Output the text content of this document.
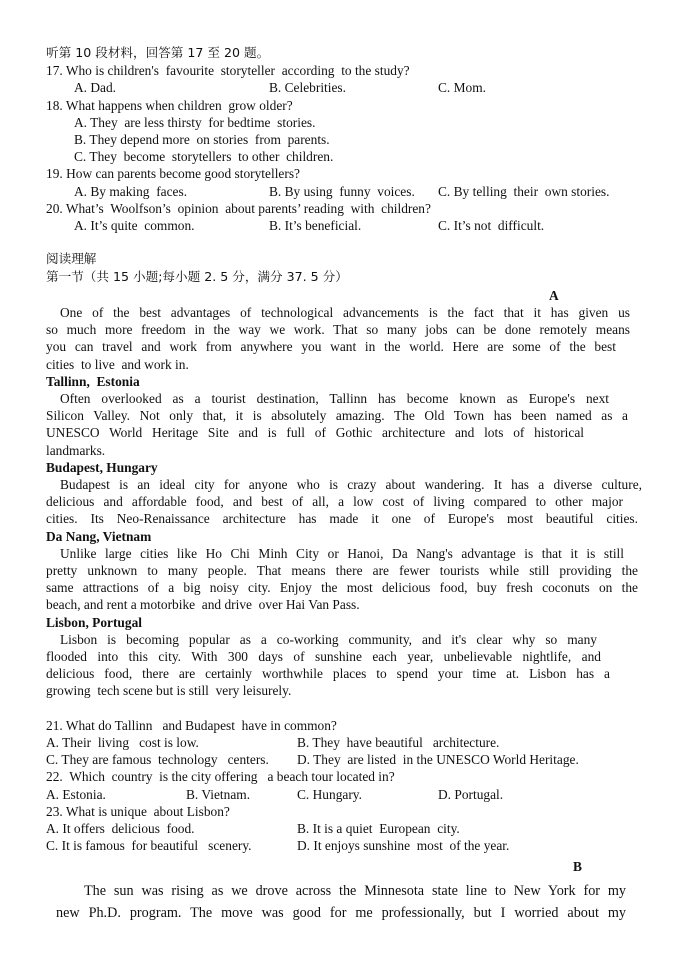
听第 10 段材料，回答第 17 至 20 题。
17. Who is children's  favourite  storyteller  according  to the study?
A. Dad.	B. Celebrities.	C. Mom.
18. What happens when children  grow older?
A. They  are less thirsty  for bedtime  stories.
B. They depend more  on stories  from  parents.
C. They  become  storytellers  to other  children.
19. How can parents become good storytellers?
A. By making  faces.	B. By using  funny  voices. C. By telling  their  own stories.
20. What’s  Woolfson’s  opinion  about parents’ reading  with  children?
A. It’s quite  common.	B. It’s beneficial.	C. It’s not  difficult.
阅读理解
第一节（共 15 小题;每小题 2. 5 分，满分 37. 5 分）
A
One of the best advantages of technological advancements is the fact that it has given us
so much more freedom in the way we work. That so many jobs can be done remotely means
you can travel and work from anywhere you want in the world. Here are some of the best
cities  to live  and work in.
Tallinn,  Estonia
Often overlooked as a tourist destination, Tallinn has become known as Europe's next
Silicon Valley. Not only that, it is absolutely amazing. The Old Town has been named as a
UNESCO World Heritage Site and is full of Gothic architecture and lots of historical
landmarks.
Budapest, Hungary
Budapest is an ideal city for anyone who is crazy about wandering. It has a diverse culture,
delicious and affordable food, and best of all, a low cost of living compared to other major
cities. Its Neo-Renaissance architecture has made it one of Europe's most beautiful cities.
Da Nang, Vietnam
Unlike large cities like Ho Chi Minh City or Hanoi, Da Nang's advantage is that it is still
pretty unknown to many people. That means there are fewer tourists while still providing the
same attractions of a big noisy city. Enjoy the most delicious food, buy fresh coconuts on the
beach, and rent a motorbike  and drive  over Hai Van Pass.
Lisbon, Portugal
Lisbon is becoming popular as a co-working community, and it's clear why so many
flooded into this city. With 300 days of sunshine each year, unbelievable nightlife, and
delicious food, there are certainly worthwhile places to spend your time at. Lisbon has a
growing  tech scene but is still  very leisurely.
21. What do Tallinn   and Budapest  have in common?
A. Their  living   cost is low.	B. They  have beautiful   architecture.
C. They are famous  technology   centers. D. They  are listed  in the UNESCO World Heritage.
22.  Which  country  is the city offering   a beach tour located in?
A. Estonia.	B. Vietnam.	C. Hungary.	D. Portugal.
23. What is unique  about Lisbon?
A. It offers  delicious  food.	B. It is a quiet  European  city.
C. It is famous  for beautiful   scenery.	D. It enjoys sunshine  most  of the year.
B
The sun was rising as we drove across the Minnesota state line to New York for my
new Ph.D. program. The move was good for me professionally, but I worried about my
